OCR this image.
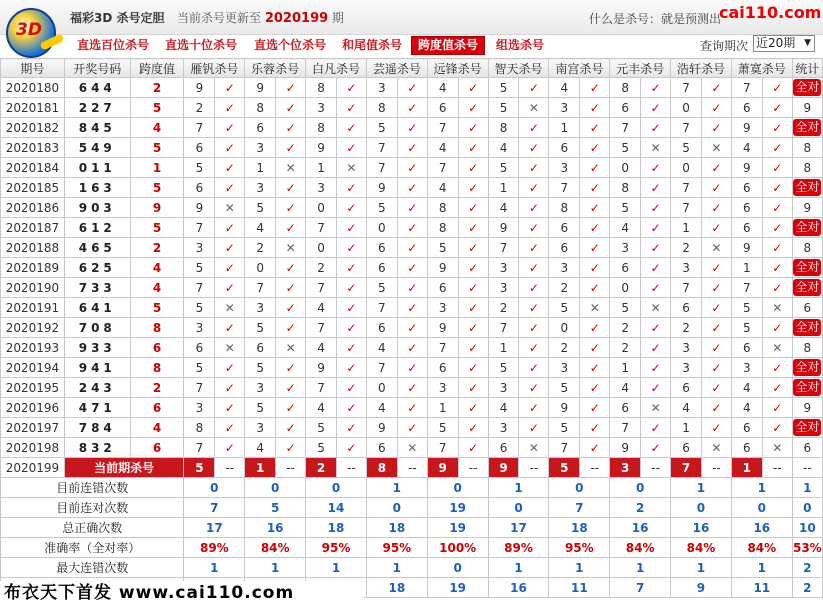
福彩3D 杀号定胆 当前杀号更新至 2020199 期	什么是杀号：就是预测出
cai110.com
3D
直选百位杀号 直选十位杀号 直选个位杀号 和尾值杀号	跨度值杀号	组选杀号	查询期次 近20期 ▼
期号	开奖号码	跨度值	雁钒杀号		乐蓉杀号		白凡杀号		芸遥杀号		远锋杀号		智天杀号		南宫杀号		元丰杀号		浩轩杀号		萧寞杀号		统计
2020180	644	2	9	✓	9	✓	8	✓	3	✓	4	✓	5	✓	4	✓	8	✓	7	✓	7	✓	全对
2020181	227	5	2	✓	8	✓	3	✓	8	✓	6	✓	5	✕	3	✓	6	✓	0	✓	6	✓	9
2020182	845	4	7	✓	6	✓	8	✓	5	✓	7	✓	8	✓	1	✓	7	✓	7	✓	9	✓	全对
2020183	549	5	6	✓	3	✓	9	✓	7	✓	4	✓	4	✓	6	✓	5	✕	5	✕	4	✓	8
2020184	011	1	5	✓	1	✕	1	✕	7	✓	7	✓	5	✓	3	✓	0	✓	0	✓	9	✓	8
2020185	163	5	6	✓	3	✓	3	✓	9	✓	4	✓	1	✓	7	✓	8	✓	7	✓	6	✓	全对
2020186	903	9	9	✕	5	✓	0	✓	5	✓	8	✓	4	✓	8	✓	5	✓	7	✓	6	✓	9
2020187	612	5	7	✓	4	✓	7	✓	0	✓	8	✓	9	✓	6	✓	4	✓	1	✓	6	✓	全对
2020188	465	2	3	✓	2	✕	0	✓	6	✓	5	✓	7	✓	6	✓	3	✓	2	✕	9	✓	8
2020189	625	4	5	✓	0	✓	2	✓	6	✓	9	✓	3	✓	3	✓	6	✓	3	✓	1	✓	全对
2020190	733	4	7	✓	7	✓	7	✓	5	✓	6	✓	3	✓	2	✓	0	✓	7	✓	7	✓	全对
2020191	641	5	5	✕	3	✓	4	✓	7	✓	3	✓	2	✓	5	✕	5	✕	6	✓	5	✕	6
2020192	708	8	3	✓	5	✓	7	✓	6	✓	9	✓	7	✓	0	✓	2	✓	2	✓	5	✓	全对
2020193	933	6	6	✕	6	✕	4	✓	4	✓	7	✓	1	✓	2	✓	2	✓	3	✓	6	✕	8
2020194	941	8	5	✓	5	✓	9	✓	7	✓	6	✓	5	✓	3	✓	1	✓	3	✓	3	✓	全对
2020195	243	2	7	✓	3	✓	7	✓	0	✓	3	✓	3	✓	5	✓	4	✓	6	✓	4	✓	全对
2020196	471	6	3	✓	5	✓	4	✓	4	✓	1	✓	4	✓	9	✓	6	✕	4	✓	4	✓	9
2020197	784	4	8	✓	3	✓	5	✓	9	✓	5	✓	3	✓	5	✓	7	✓	1	✓	6	✓	全对
2020198	832	6	7	✓	4	✓	5	✓	6	✕	7	✓	6	✕	7	✓	9	✓	6	✕	6	✕	6
2020199	当前期杀号		5	--	1	--	2	--	8	--	9	--	9	--	5	--	3	--	7	--	1	--	--
目前连错次数			0		0		0		1		0		1		0		0		1		1		1
目前连对次数			7		5		14		0		19		0		7		2		0		0		0
总正确次数			17		16		18		18		19		17		18		16		16		16		10
准确率（全对率）			89%		84%		95%		95%		100%		89%		95%		84%		84%		84%		53%
最大连错次数			1		1		1		1		0		1		1		1		1		1		2
									18		19		16		11		7		9		11		2
布衣天下首发 www.cai110.com
